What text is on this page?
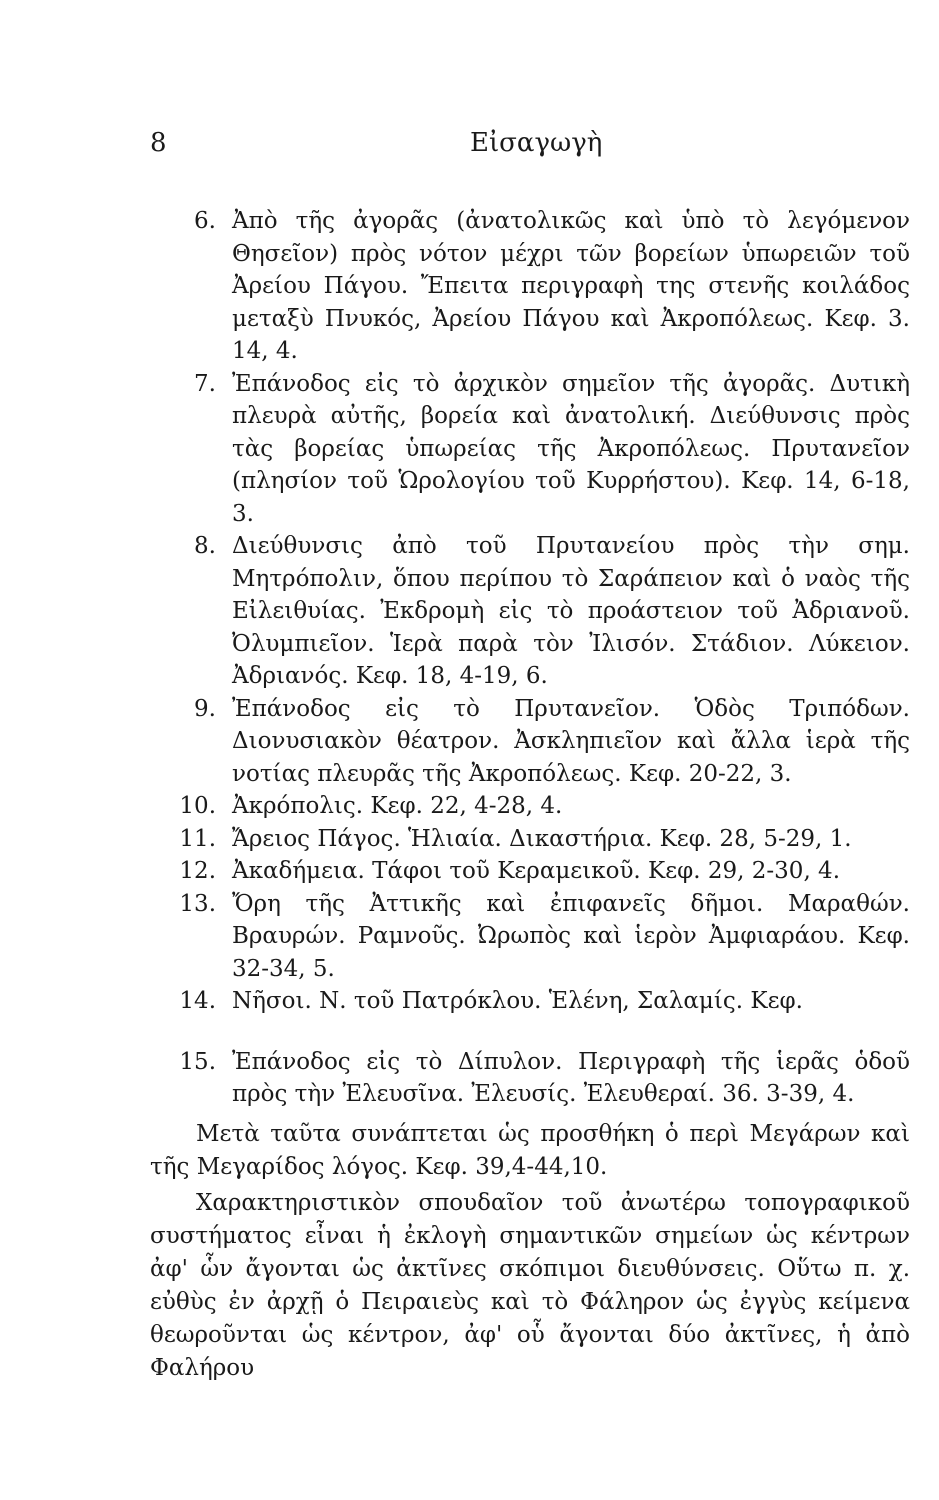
8	Εἰσαγωγὴ
6. Ἀπὸ τῆς ἀγορᾶς (ἀνατολικῶς καὶ ὑπὸ τὸ λεγόμενον Θησεῖον) πρὸς νότον μέχρι τῶν βορείων ὑπωρειῶν τοῦ Ἀρείου Πάγου. Ἔπειτα περιγραφὴ της στενῆς κοιλάδος μεταξὺ Πνυκός, Ἀρείου Πάγου καὶ Ἀκροπόλεως. Κεφ. 3. 14, 4.
7. Ἐπάνοδος εἰς τὸ ἀρχικὸν σημεῖον τῆς ἀγορᾶς. Δυτικὴ πλευρὰ αὐτῆς, βορεία καὶ ἀνατολική. Διεύθυνσις πρὸς τὰς βορείας ὑπωρείας τῆς Ἀκροπόλεως. Πρυτανεῖον (πλησίον τοῦ Ὡρολογίου τοῦ Κυρρήστου). Κεφ. 14, 6-18, 3.
8. Διεύθυνσις ἀπὸ τοῦ Πρυτανείου πρὸς τὴν σημ. Μητρόπολιν, ὅπου περίπου τὸ Σαράπειον καὶ ὁ ναὸς τῆς Εἰλειθυίας. Ἐκδρομὴ εἰς τὸ προάστειον τοῦ Ἀδριανοῦ. Ὀλυμπιεῖον. Ἱερὰ παρὰ τὸν Ἰλισόν. Στάδιον. Λύκειον. Ἀδριανός. Κεφ. 18, 4-19, 6.
9. Ἐπάνοδος εἰς τὸ Πρυτανεῖον. Ὁδὸς Τριπόδων. Διονυσιακὸν θέατρον. Ἀσκληπιεῖον καὶ ἄλλα ἱερὰ τῆς νοτίας πλευρᾶς τῆς Ἀκροπόλεως. Κεφ. 20-22, 3.
10. Ἀκρόπολις. Κεφ. 22, 4-28, 4.
11. Ἄρειος Πάγος. Ἡλιαία. Δικαστήρια. Κεφ. 28, 5-29, 1.
12. Ἀκαδήμεια. Τάφοι τοῦ Κεραμεικοῦ. Κεφ. 29, 2-30, 4.
13. Ὄρη τῆς Ἀττικῆς καὶ ἐπιφανεῖς δῆμοι. Μαραθών. Βραυρών. Ραμνοῦς. Ὠρωπὸς καὶ ἱερὸν Ἀμφιαράου. Κεφ. 32-34, 5.
14. Νῆσοι. Ν. τοῦ Πατρόκλου. Ἑλένη, Σαλαμίς. Κεφ.
15. Ἐπάνοδος εἰς τὸ Δίπυλον. Περιγραφὴ τῆς ἱερᾶς ὁδοῦ πρὸς τὴν Ἐλευσῖνα. Ἐλευσίς. Ἐλευθεραί. 36. 3-39, 4.

Μετὰ ταῦτα συνάπτεται ὡς προσθήκη ὁ περὶ Μεγάρων καὶ τῆς Μεγαρίδος λόγος. Κεφ. 39,4-44,10.

Χαρακτηριστικὸν σπουδαῖον τοῦ ἀνωτέρω τοπογραφικοῦ συστήματος εἶναι ἡ ἐκλογὴ σημαντικῶν σημείων ὡς κέντρων ἀφ' ὧν ἄγονται ὡς ἀκτῖνες σκόπιμοι διευθύνσεις. Οὕτω π. χ. εὐθὺς ἐν ἀρχῇ ὁ Πειραιεὺς καὶ τὸ Φάληρον ὡς ἐγγὺς κείμενα θεωροῦνται ὡς κέντρον, ἀφ' οὗ ἄγονται δύο ἀκτῖνες, ἡ ἀπὸ Φαλήρου
